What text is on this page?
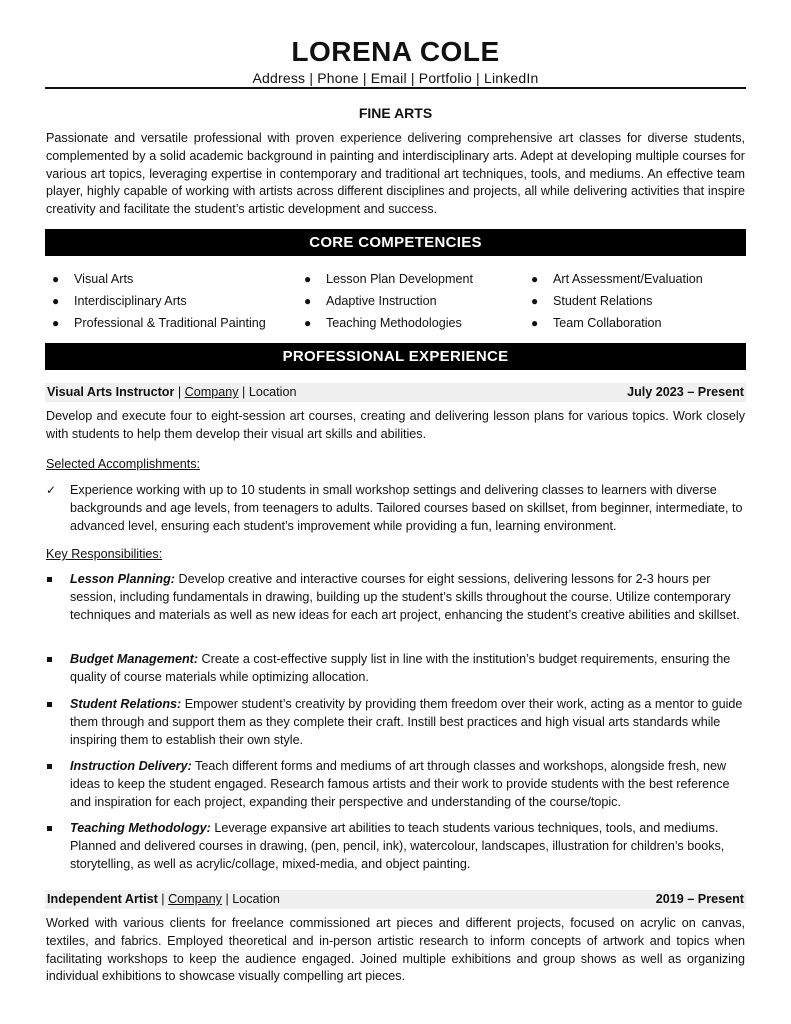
LORENA COLE
Address | Phone | Email | Portfolio | LinkedIn
FINE ARTS
Passionate and versatile professional with proven experience delivering comprehensive art classes for diverse students, complemented by a solid academic background in painting and interdisciplinary arts. Adept at developing multiple courses for various art topics, leveraging expertise in contemporary and traditional art techniques, tools, and mediums. An effective team player, highly capable of working with artists across different disciplines and projects, all while delivering activities that inspire creativity and facilitate the student’s artistic development and success.
CORE COMPETENCIES
● Visual Arts
● Interdisciplinary Arts
● Professional & Traditional Painting
● Lesson Plan Development
● Adaptive Instruction
● Teaching Methodologies
● Art Assessment/Evaluation
● Student Relations
● Team Collaboration
PROFESSIONAL EXPERIENCE
Visual Arts Instructor | Company | Location	July 2023 – Present
Develop and execute four to eight-session art courses, creating and delivering lesson plans for various topics. Work closely with students to help them develop their visual art skills and abilities.
Selected Accomplishments:
✓	Experience working with up to 10 students in small workshop settings and delivering classes to learners with diverse backgrounds and age levels, from teenagers to adults. Tailored courses based on skillset, from beginner, intermediate, to advanced level, ensuring each student’s improvement while providing a fun, learning environment.
Key Responsibilities:
Lesson Planning: Develop creative and interactive courses for eight sessions, delivering lessons for 2-3 hours per session, including fundamentals in drawing, building up the student’s skills throughout the course. Utilize contemporary techniques and materials as well as new ideas for each art project, enhancing the student’s creative abilities and skillset.
Budget Management: Create a cost-effective supply list in line with the institution’s budget requirements, ensuring the quality of course materials while optimizing allocation.
Student Relations: Empower student’s creativity by providing them freedom over their work, acting as a mentor to guide them through and support them as they complete their craft. Instill best practices and high visual arts standards while inspiring them to establish their own style.
Instruction Delivery: Teach different forms and mediums of art through classes and workshops, alongside fresh, new ideas to keep the student engaged. Research famous artists and their work to provide students with the best reference and inspiration for each project, expanding their perspective and understanding of the course/topic.
Teaching Methodology: Leverage expansive art abilities to teach students various techniques, tools, and mediums. Planned and delivered courses in drawing, (pen, pencil, ink), watercolour, landscapes, illustration for children’s books, storytelling, as well as acrylic/collage, mixed-media, and object painting.
Independent Artist | Company | Location	2019 – Present
Worked with various clients for freelance commissioned art pieces and different projects, focused on acrylic on canvas, textiles, and fabrics. Employed theoretical and in-person artistic research to inform concepts of artwork and topics when facilitating workshops to keep the audience engaged. Joined multiple exhibitions and group shows as well as organizing individual exhibitions to showcase visually compelling art pieces.
